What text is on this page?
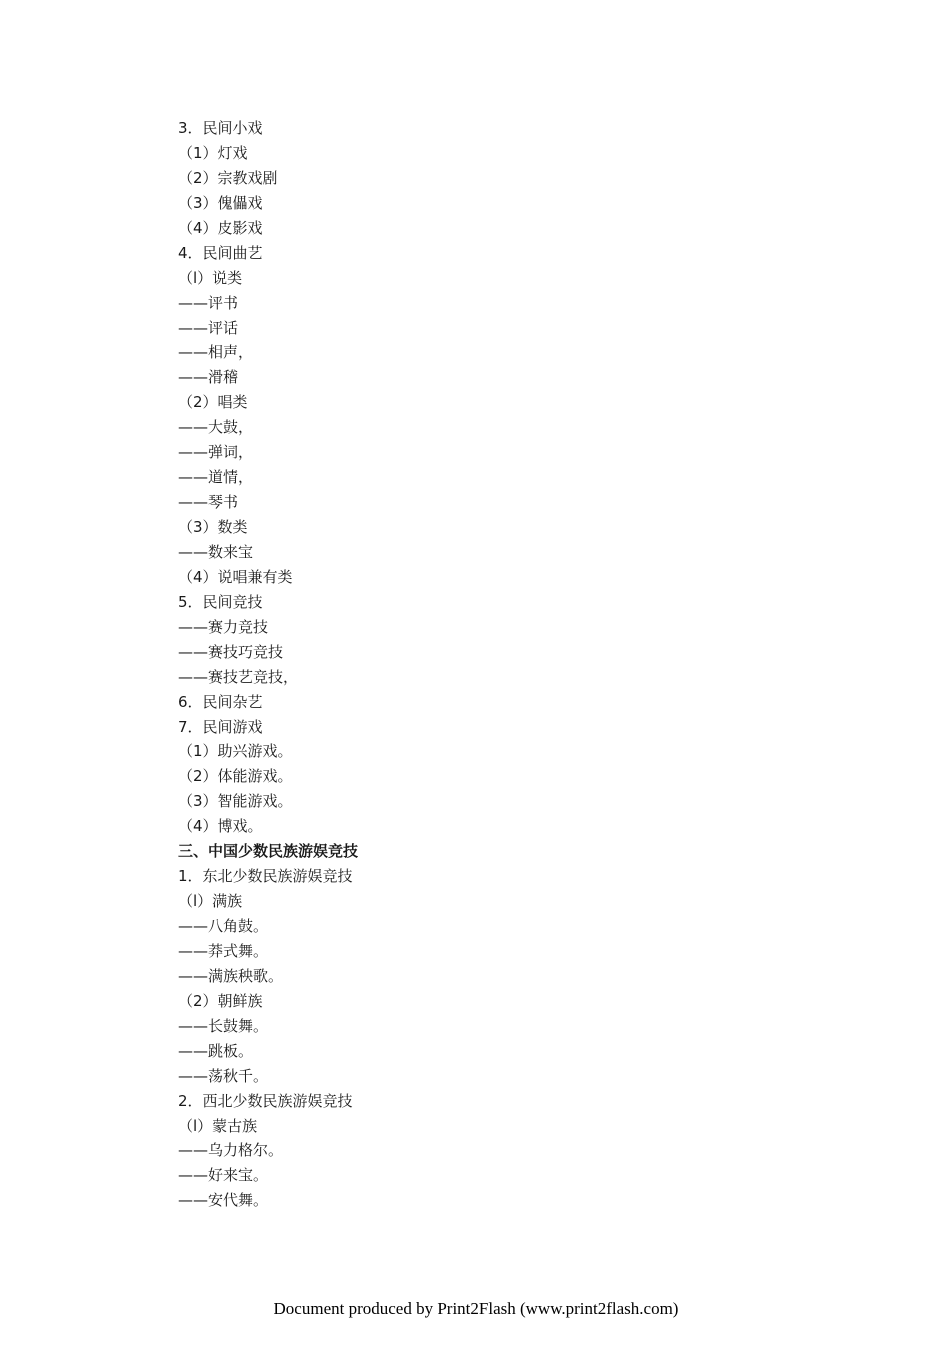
3．民间小戏
（1）灯戏
（2）宗教戏剧
（3）傀儡戏
（4）皮影戏
4．民间曲艺
（l）说类
——评书
——评话
——相声，
——滑稽
（2）唱类
——大鼓，
——弹词，
——道情，
——琴书
（3）数类
——数来宝
（4）说唱兼有类
5．民间竞技
——赛力竞技
——赛技巧竞技
——赛技艺竞技，
6．民间杂艺
7．民间游戏
（1）助兴游戏。
（2）体能游戏。
（3）智能游戏。
（4）博戏。
三、中国少数民族游娱竞技
1．东北少数民族游娱竞技
（l）满族
——八角鼓。
——莽式舞。
——满族秧歌。
（2）朝鲜族
——长鼓舞。
——跳板。
——荡秋千。
2．西北少数民族游娱竞技
（l）蒙古族
——乌力格尔。
——好来宝。
——安代舞。
Document produced by Print2Flash (www.print2flash.com)
